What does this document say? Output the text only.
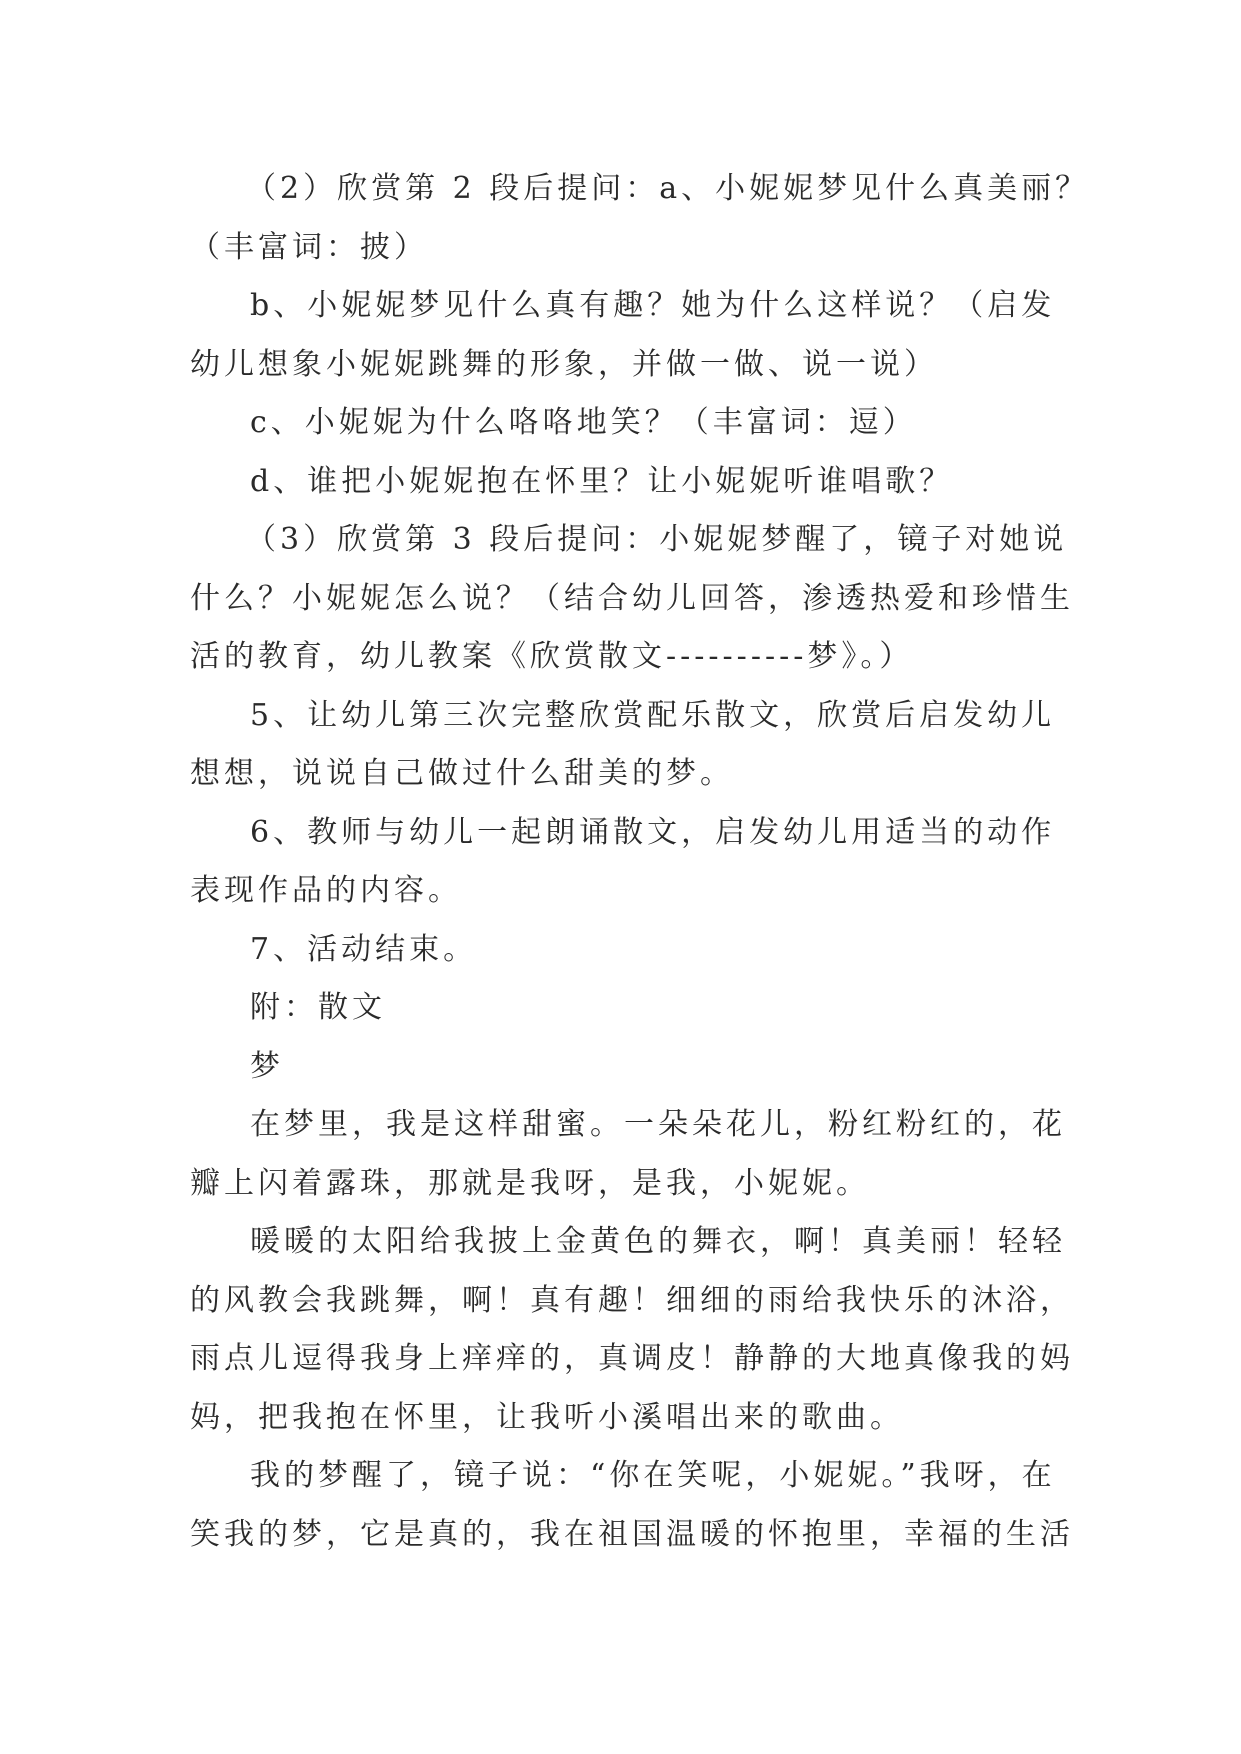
（2）欣赏第 2 段后提问：a、小妮妮梦见什么真美丽？
（丰富词：披）
b、小妮妮梦见什么真有趣？她为什么这样说？（启发
幼儿想象小妮妮跳舞的形象，并做一做、说一说）
c、小妮妮为什么咯咯地笑？（丰富词：逗）
d、谁把小妮妮抱在怀里？让小妮妮听谁唱歌？
（3）欣赏第 3 段后提问：小妮妮梦醒了，镜子对她说
什么？小妮妮怎么说？（结合幼儿回答，渗透热爱和珍惜生
活的教育，幼儿教案《欣赏散文----------梦》。）
5、让幼儿第三次完整欣赏配乐散文，欣赏后启发幼儿
想想，说说自己做过什么甜美的梦。
6、教师与幼儿一起朗诵散文，启发幼儿用适当的动作
表现作品的内容。
7、活动结束。
附：散文
梦
在梦里，我是这样甜蜜。一朵朵花儿，粉红粉红的，花
瓣上闪着露珠，那就是我呀，是我，小妮妮。
暖暖的太阳给我披上金黄色的舞衣，啊！真美丽！轻轻
的风教会我跳舞，啊！真有趣！细细的雨给我快乐的沐浴，
雨点儿逗得我身上痒痒的，真调皮！静静的大地真像我的妈
妈，把我抱在怀里，让我听小溪唱出来的歌曲。
我的梦醒了，镜子说：“你在笑呢，小妮妮。”我呀，在
笑我的梦，它是真的，我在祖国温暖的怀抱里，幸福的生活
